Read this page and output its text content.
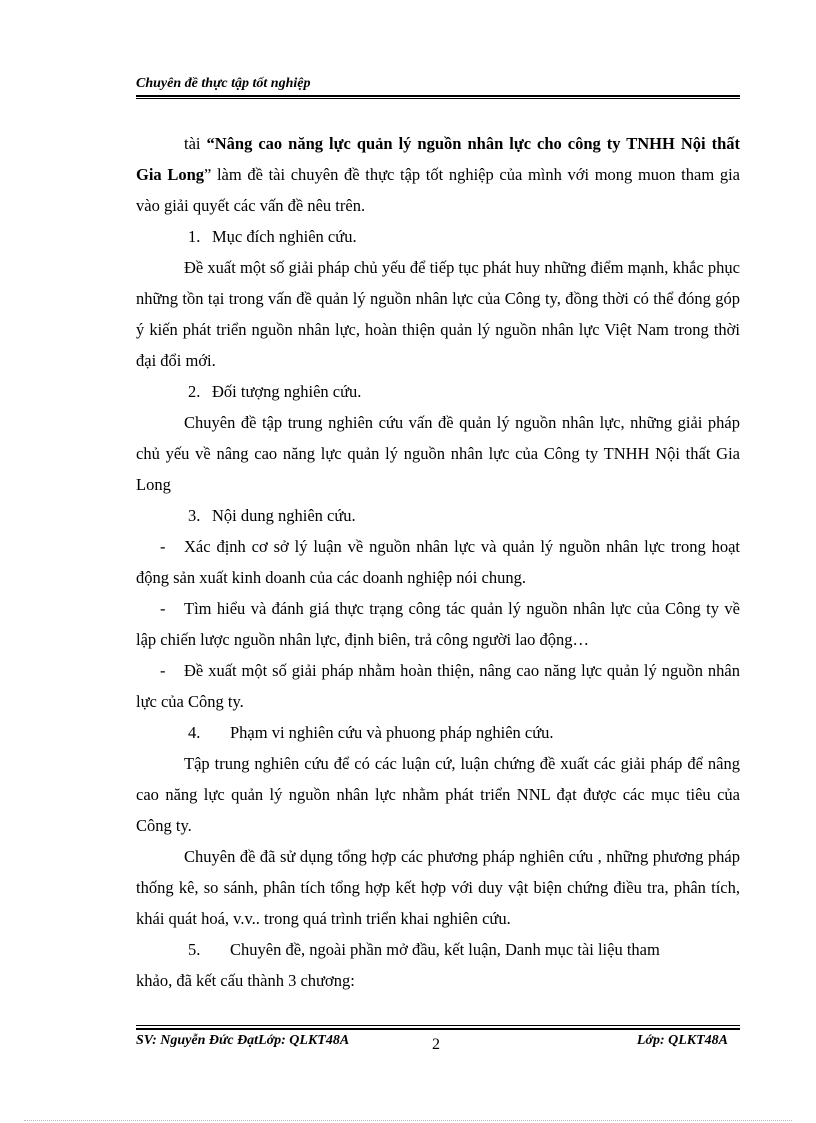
Chuyên đề thực tập tốt nghiệp

tài “Nâng cao năng lực quản lý nguồn nhân lực cho công ty TNHH Nội thất Gia Long” làm đề tài chuyên đề thực tập tốt nghiệp của mình với mong muon tham gia vào giải quyết các vấn đề nêu trên.

1. Mục đích nghiên cứu.

Đề xuất một số giải pháp chủ yếu để tiếp tục phát huy những điểm mạnh, khắc phục những tồn tại trong vấn đề quản lý nguồn nhân lực của Công ty, đồng thời có thể đóng góp ý kiến phát triển nguồn nhân lực, hoàn thiện quản lý nguồn nhân lực Việt Nam trong thời đại đổi mới.

2. Đối tượng nghiên cứu.

Chuyên đề tập trung nghiên cứu vấn đề quản lý nguồn nhân lực, những giải pháp chủ yếu về nâng cao năng lực quản lý nguồn nhân lực của Công ty TNHH Nội thất Gia Long

3. Nội dung nghiên cứu.

- Xác định cơ sở lý luận về nguồn nhân lực và quản lý nguồn nhân lực trong hoạt động sản xuất kinh doanh của các doanh nghiệp nói chung.

- Tìm hiểu và đánh giá thực trạng công tác quản lý nguồn nhân lực của Công ty về lập chiến lược nguồn nhân lực, định biên, trả công người lao động…

- Đề xuất một số giải pháp nhằm hoàn thiện, nâng cao năng lực quản lý nguồn nhân lực của Công ty.

4. Phạm vi nghiên cứu và phuong pháp nghiên cứu.

Tập trung nghiên cứu để có các luận cứ, luận chứng đề xuất các giải pháp để nâng cao năng lực quản lý nguồn nhân lực nhằm phát triển NNL đạt được các mục tiêu của Công ty.

Chuyên đề đã sử dụng tổng hợp các phương pháp nghiên cứu , những phương pháp thống kê, so sánh, phân tích tổng hợp kết hợp với duy vật biện chứng điều tra, phân tích, khái quát hoá, v.v.. trong quá trình triển khai nghiên cứu.

5. Chuyên đề, ngoài phần mở đầu, kết luận, Danh mục tài liệu tham

khảo, đã kết cấu thành 3 chương:

SV: Nguyễn Đức ĐạtLớp: QLKT48A	2	Lớp: QLKT48A
